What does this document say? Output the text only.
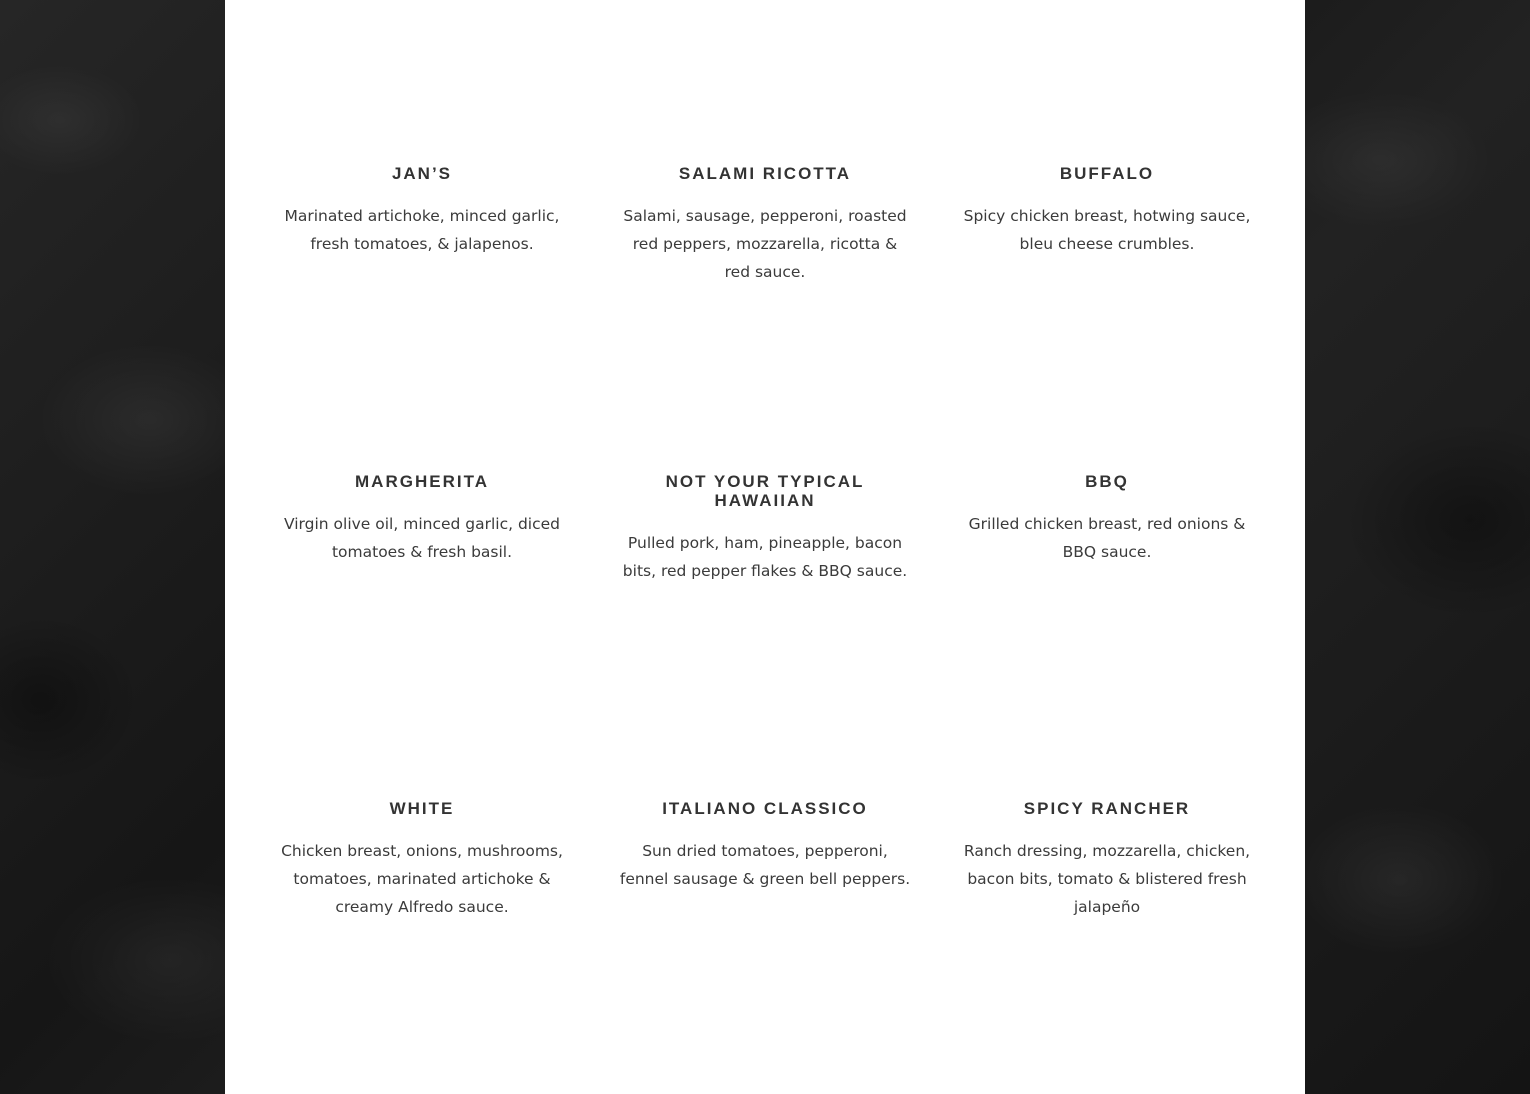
JAN’S

Marinated artichoke, minced garlic, fresh tomatoes, & jalapenos.

SALAMI RICOTTA

Salami, sausage, pepperoni, roasted red peppers, mozzarella, ricotta & red sauce.

BUFFALO

Spicy chicken breast, hotwing sauce, bleu cheese crumbles.

MARGHERITA

Virgin olive oil, minced garlic, diced tomatoes & fresh basil.

NOT YOUR TYPICAL HAWAIIAN

Pulled pork, ham, pineapple, bacon bits, red pepper flakes & BBQ sauce.

BBQ

Grilled chicken breast, red onions & BBQ sauce.

WHITE

Chicken breast, onions, mushrooms, tomatoes, marinated artichoke & creamy Alfredo sauce.

ITALIANO CLASSICO

Sun dried tomatoes, pepperoni, fennel sausage & green bell peppers.

SPICY RANCHER

Ranch dressing, mozzarella, chicken, bacon bits, tomato & blistered fresh jalapeño
